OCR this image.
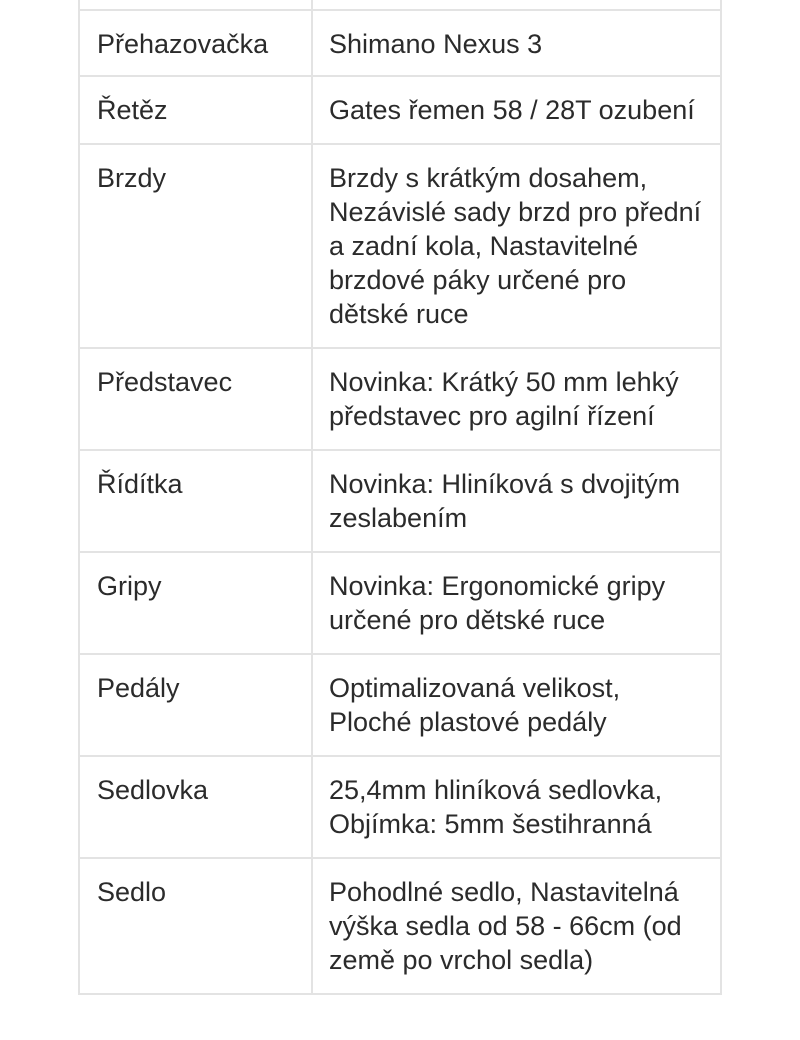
Přehazovačka	Shimano Nexus 3
Řetěz	Gates řemen 58 / 28T ozubení
Brzdy	Brzdy s krátkým dosahem, Nezávislé sady brzd pro přední a zadní kola, Nastavitelné brzdové páky určené pro dětské ruce
Představec	Novinka: Krátký 50 mm lehký představec pro agilní řízení
Řídítka	Novinka: Hliníková s dvojitým zeslabením
Gripy	Novinka: Ergonomické gripy určené pro dětské ruce
Pedály	Optimalizovaná velikost, Ploché plastové pedály
Sedlovka	25,4mm hliníková sedlovka, Objímka: 5mm šestihranná
Sedlo	Pohodlné sedlo, Nastavitelná výška sedla od 58 - 66cm (od země po vrchol sedla)
